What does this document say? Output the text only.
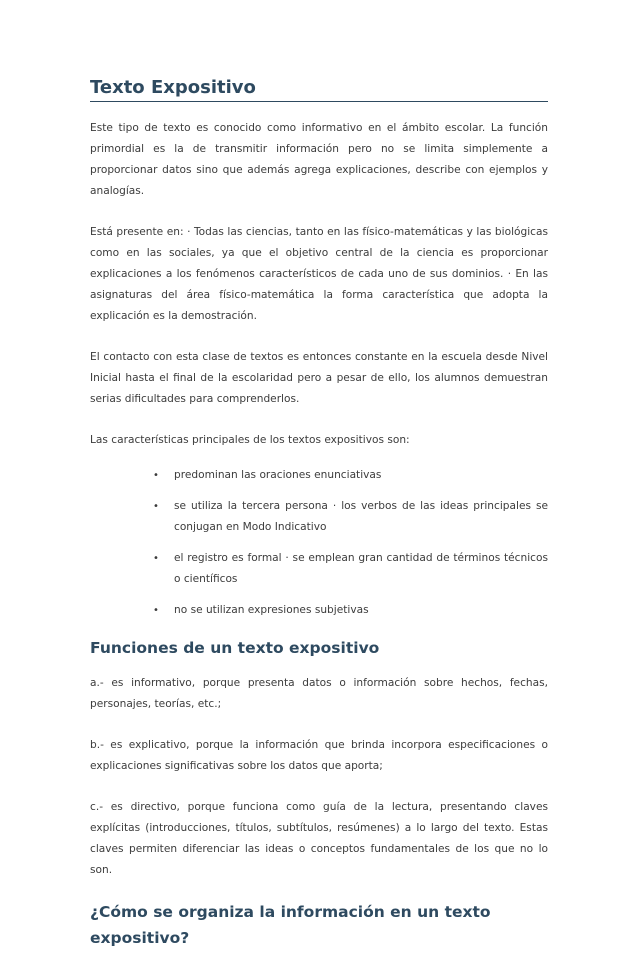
Texto Expositivo

Este tipo de texto es conocido como informativo en el ámbito escolar. La función primordial es la de transmitir información pero no se limita simplemente a proporcionar datos sino que además agrega explicaciones, describe con ejemplos y analogías.

Está presente en: · Todas las ciencias, tanto en las físico-matemáticas y las biológicas como en las sociales, ya que el objetivo central de la ciencia es proporcionar explicaciones a los fenómenos característicos de cada uno de sus dominios. · En las asignaturas del área físico-matemática la forma característica que adopta la explicación es la demostración.

El contacto con esta clase de textos es entonces constante en la escuela desde Nivel Inicial hasta el final de la escolaridad pero a pesar de ello, los alumnos demuestran serias dificultades para comprenderlos.

Las características principales de los textos expositivos son:

• predominan las oraciones enunciativas
• se utiliza la tercera persona · los verbos de las ideas principales se conjugan en Modo Indicativo
• el registro es formal · se emplean gran cantidad de términos técnicos o científicos
• no se utilizan expresiones subjetivas
Funciones de un texto expositivo

a.- es informativo, porque presenta datos o información sobre hechos, fechas, personajes, teorías, etc.;

b.- es explicativo, porque la información que brinda incorpora especificaciones o explicaciones significativas sobre los datos que aporta;

c.- es directivo, porque funciona como guía de la lectura, presentando claves explícitas (introducciones, títulos, subtítulos, resúmenes) a lo largo del texto. Estas claves permiten diferenciar las ideas o conceptos fundamentales de los que no lo son.

¿Cómo se organiza la información en un texto expositivo?
